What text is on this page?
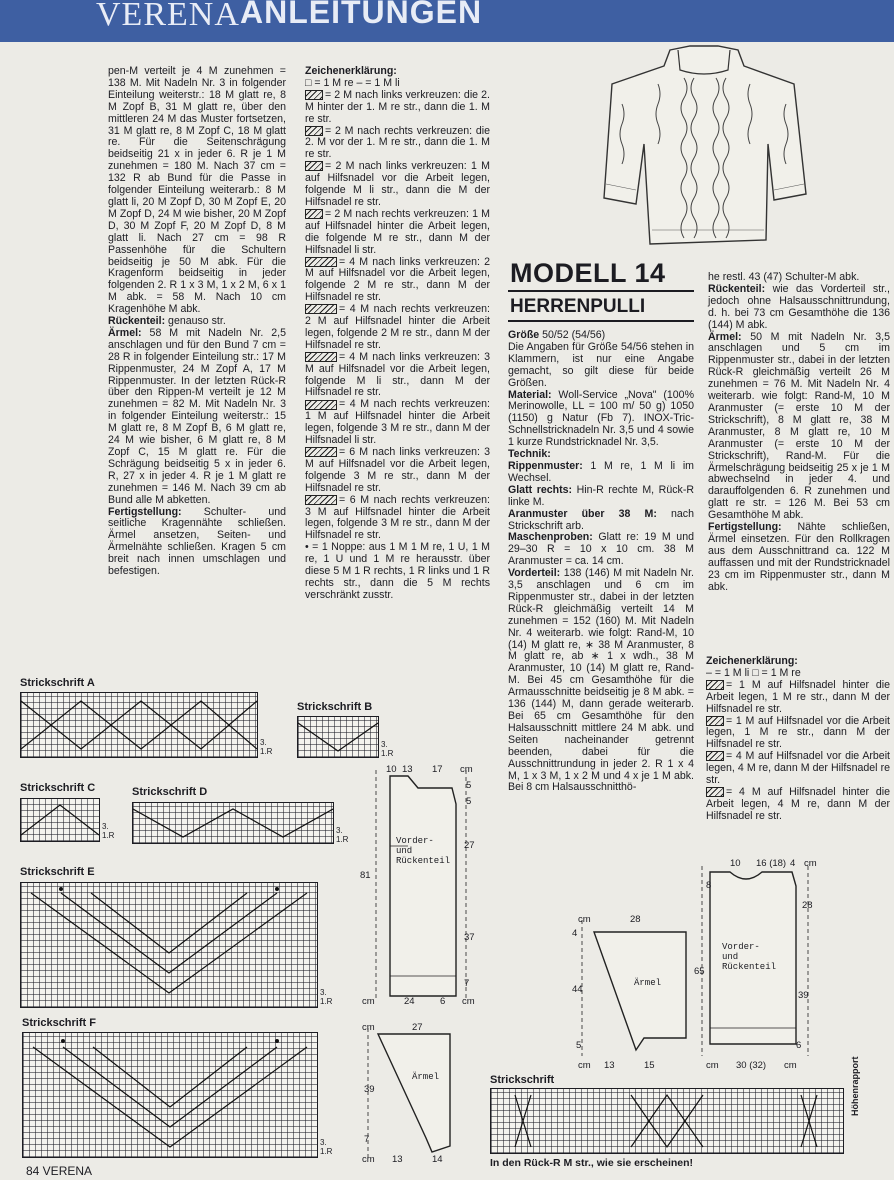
VERENA ANLEITUNGEN

pen-M verteilt je 4 M zunehmen = 138 M. Mit Nadeln Nr. 3 in folgender Einteilung weiterstr.: 18 M glatt re, 8 M Zopf B, 31 M glatt re, über den mittleren 24 M das Muster fortsetzen, 31 M glatt re, 8 M Zopf C, 18 M glatt re. Für die Seitenschrägung beidseitig 21 x in jeder 6. R je 1 M zunehmen = 180 M. Nach 37 cm = 132 R ab Bund für die Passe in folgender Einteilung weiterarb.: 8 M glatt li, 20 M Zopf D, 30 M Zopf E, 20 M Zopf D, 24 M wie bisher, 20 M Zopf D, 30 M Zopf F, 20 M Zopf D, 8 M glatt li. Nach 27 cm = 98 R Passenhöhe für die Schultern beidseitig je 50 M abk. Für die Kragenform beidseitig in jeder folgenden 2. R 1 x 3 M, 1 x 2 M, 6 x 1 M abk. = 58 M. Nach 10 cm Kragenhöhe M abk.

Rückenteil: genauso str.

Ärmel: 58 M mit Nadeln Nr. 2,5 anschlagen und für den Bund 7 cm = 28 R in folgender Einteilung str.: 17 M Rippenmuster, 24 M Zopf A, 17 M Rippenmuster. In der letzten Rück-R über den Rippen-M verteilt je 12 M zunehmen = 82 M. Mit Nadeln Nr. 3 in folgender Einteilung weiterstr.: 15 M glatt re, 8 M Zopf B, 6 M glatt re, 24 M wie bisher, 6 M glatt re, 8 M Zopf C, 15 M glatt re. Für die Schrägung beidseitig 5 x in jeder 6. R, 27 x in jeder 4. R je 1 M glatt re zunehmen = 146 M. Nach 39 cm ab Bund alle M abketten.

Fertigstellung: Schulter- und seitliche Kragennähte schließen. Ärmel ansetzen, Seiten- und Ärmelnähte schließen. Kragen 5 cm breit nach innen umschlagen und befestigen.

Zeichenerklärung:

□ = 1 M re – = 1 M li

= 2 M nach links verkreuzen: die 2. M hinter der 1. M re str., dann die 1. M re str.

= 2 M nach rechts verkreuzen: die 2. M vor der 1. M re str., dann die 1. M re str.

= 2 M nach links verkreuzen: 1 M auf Hilfsnadel vor die Arbeit legen, folgende M li str., dann die M der Hilfsnadel re str.

= 2 M nach rechts verkreuzen: 1 M auf Hilfsnadel hinter die Arbeit legen, die folgende M re str., dann M der Hilfsnadel li str.

= 4 M nach links verkreuzen: 2 M auf Hilfsnadel vor die Arbeit legen, folgende 2 M re str., dann M der Hilfsnadel re str.

= 4 M nach rechts verkreuzen: 2 M auf Hilfsnadel hinter die Arbeit legen, folgende 2 M re str., dann M der Hilfsnadel re str.

= 4 M nach links verkreuzen: 3 M auf Hilfsnadel vor die Arbeit legen, folgende M li str., dann M der Hilfsnadel re str.

= 4 M nach rechts verkreuzen: 1 M auf Hilfsnadel hinter die Arbeit legen, folgende 3 M re str., dann M der Hilfsnadel li str.

= 6 M nach links verkreuzen: 3 M auf Hilfsnadel vor die Arbeit legen, folgende 3 M re str., dann M der Hilfsnadel re str.

= 6 M nach rechts verkreuzen: 3 M auf Hilfsnadel hinter die Arbeit legen, folgende 3 M re str., dann M der Hilfsnadel re str.

• = 1 Noppe: aus 1 M 1 M re, 1 U, 1 M re, 1 U und 1 M re herausstr. über diese 5 M 1 R rechts, 1 R links und 1 R rechts str., dann die 5 M rechts verschränkt zusstr.

MODELL 14
HERRENPULLI

Größe 50/52 (54/56)

Die Angaben für Größe 54/56 stehen in Klammern, ist nur eine Angabe gemacht, so gilt diese für beide Größen.

Material: Woll-Service „Nova" (100% Merinowolle, LL = 100 m/ 50 g) 1050 (1150) g Natur (Fb 7). INOX-Tric-Schnellstricknadeln Nr. 3,5 und 4 sowie 1 kurze Rundstricknadel Nr. 3,5.

Technik:

Rippenmuster: 1 M re, 1 M li im Wechsel.

Glatt rechts: Hin-R rechte M, Rück-R linke M.

Aranmuster über 38 M: nach Strickschrift arb.

Maschenproben: Glatt re: 19 M und 29–30 R = 10 x 10 cm. 38 M Aranmuster = ca. 14 cm.

Vorderteil: 138 (146) M mit Nadeln Nr. 3,5 anschlagen und 6 cm im Rippenmuster str., dabei in der letzten Rück-R gleichmäßig verteilt 14 M zunehmen = 152 (160) M. Mit Nadeln Nr. 4 weiterarb. wie folgt: Rand-M, 10 (14) M glatt re, ∗ 38 M Aranmuster, 8 M glatt re, ab ∗ 1 x wdh., 38 M Aranmuster, 10 (14) M glatt re, Rand-M. Bei 45 cm Gesamthöhe für die Armausschnitte beidseitig je 8 M abk. = 136 (144) M, dann gerade weiterarb. Bei 65 cm Gesamthöhe für den Halsausschnitt mittlere 24 M abk. und Seiten nacheinander getrennt beenden, dabei für die Ausschnittrundung in jeder 2. R 1 x 4 M, 1 x 3 M, 1 x 2 M und 4 x je 1 M abk. Bei 8 cm Halsausschnitthö-

he restl. 43 (47) Schulter-M abk.

Rückenteil: wie das Vorderteil str., jedoch ohne Halsausschnittrundung, d. h. bei 73 cm Gesamthöhe die 136 (144) M abk.

Ärmel: 50 M mit Nadeln Nr. 3,5 anschlagen und 5 cm im Rippenmuster str., dabei in der letzten Rück-R gleichmäßig verteilt 26 M zunehmen = 76 M. Mit Nadeln Nr. 4 weiterarb. wie folgt: Rand-M, 10 M Aranmuster (= erste 10 M der Strickschrift), 8 M glatt re, 38 M Aranmuster, 8 M glatt re, 10 M Aranmuster (= erste 10 M der Strickschrift), Rand-M. Für die Ärmelschrägung beidseitig 25 x je 1 M abwechselnd in jeder 4. und darauffolgenden 6. R zunehmen und glatt re str. = 126 M. Bei 53 cm Gesamthöhe M abk.

Fertigstellung: Nähte schließen, Ärmel einsetzen. Für den Rollkragen aus dem Ausschnittrand ca. 122 M auffassen und mit der Rundstricknadel 23 cm im Rippenmuster str., dann M abk.

Zeichenerklärung:

– = 1 M li □ = 1 M re

= 1 M auf Hilfsnadel hinter die Arbeit legen, 1 M re str., dann M der Hilfsnadel re str.

= 1 M auf Hilfsnadel vor die Arbeit legen, 1 M re str., dann M der Hilfsnadel re str.

= 4 M auf Hilfsnadel vor die Arbeit legen, 4 M re, dann M der Hilfsnadel re str.

= 4 M auf Hilfsnadel hinter die Arbeit legen, 4 M re, dann M der Hilfsnadel re str.

Strickschrift A
3.
1.R
Strickschrift B
3.
1.R
Strickschrift C
3.
1.R
Strickschrift D
3.
1.R
Strickschrift E
3.
1.R
Strickschrift F
3.
1.R
Strickschrift
In den Rück-R M str., wie sie erscheinen!
Höhenrapport
10 13 17 cm
5
5
27
81
37
7
cm	24	6 cm
Vorder-
und
Rückenteil
cm	27
39
7
cm 13	14
Ärmel
cm	28
4
44
5
cm 13	15
Ärmel
10 16 (18) 4 cm
8
28
65
39
6
cm 30 (32) cm
Vorder-
und
Rückenteil
84 VERENA
